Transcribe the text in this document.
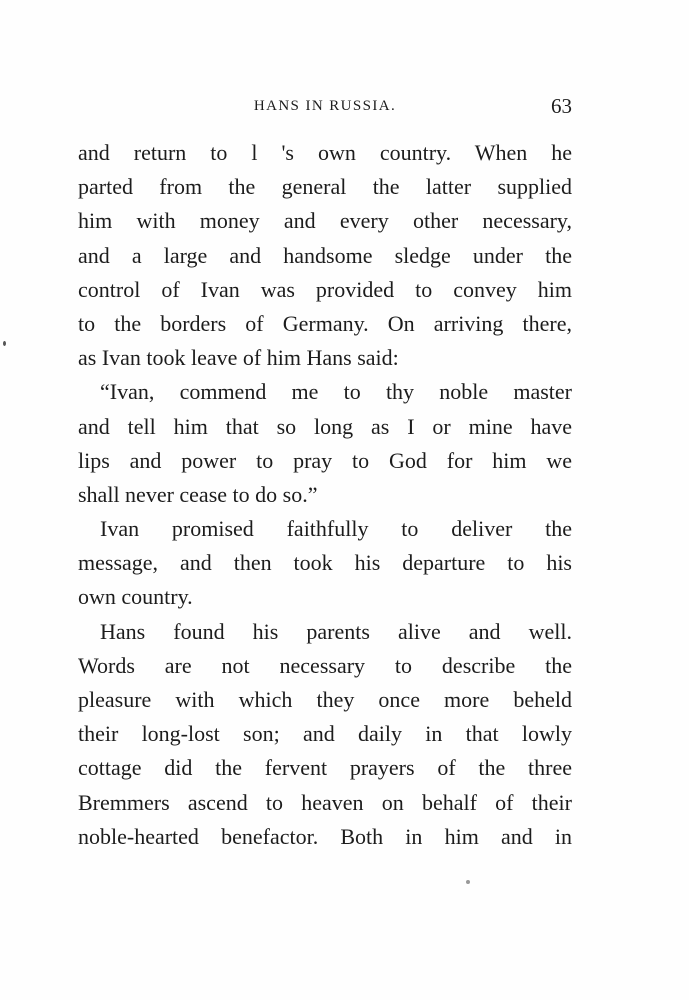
HANS IN RUSSIA.	63
and return to l 's own country. When he
parted from the general the latter supplied
him with money and every other necessary,
and a large and handsome sledge under the
control of Ivan was provided to convey him
to the borders of Germany. On arriving there,
as Ivan took leave of him Hans said:
“Ivan, commend me to thy noble master
and tell him that so long as I or mine have
lips and power to pray to God for him we
shall never cease to do so.”
Ivan promised faithfully to deliver the
message, and then took his departure to his
own country.
Hans found his parents alive and well.
Words are not necessary to describe the
pleasure with which they once more beheld
their long-lost son; and daily in that lowly
cottage did the fervent prayers of the three
Bremmers ascend to heaven on behalf of their
noble-hearted benefactor. Both in him and in
